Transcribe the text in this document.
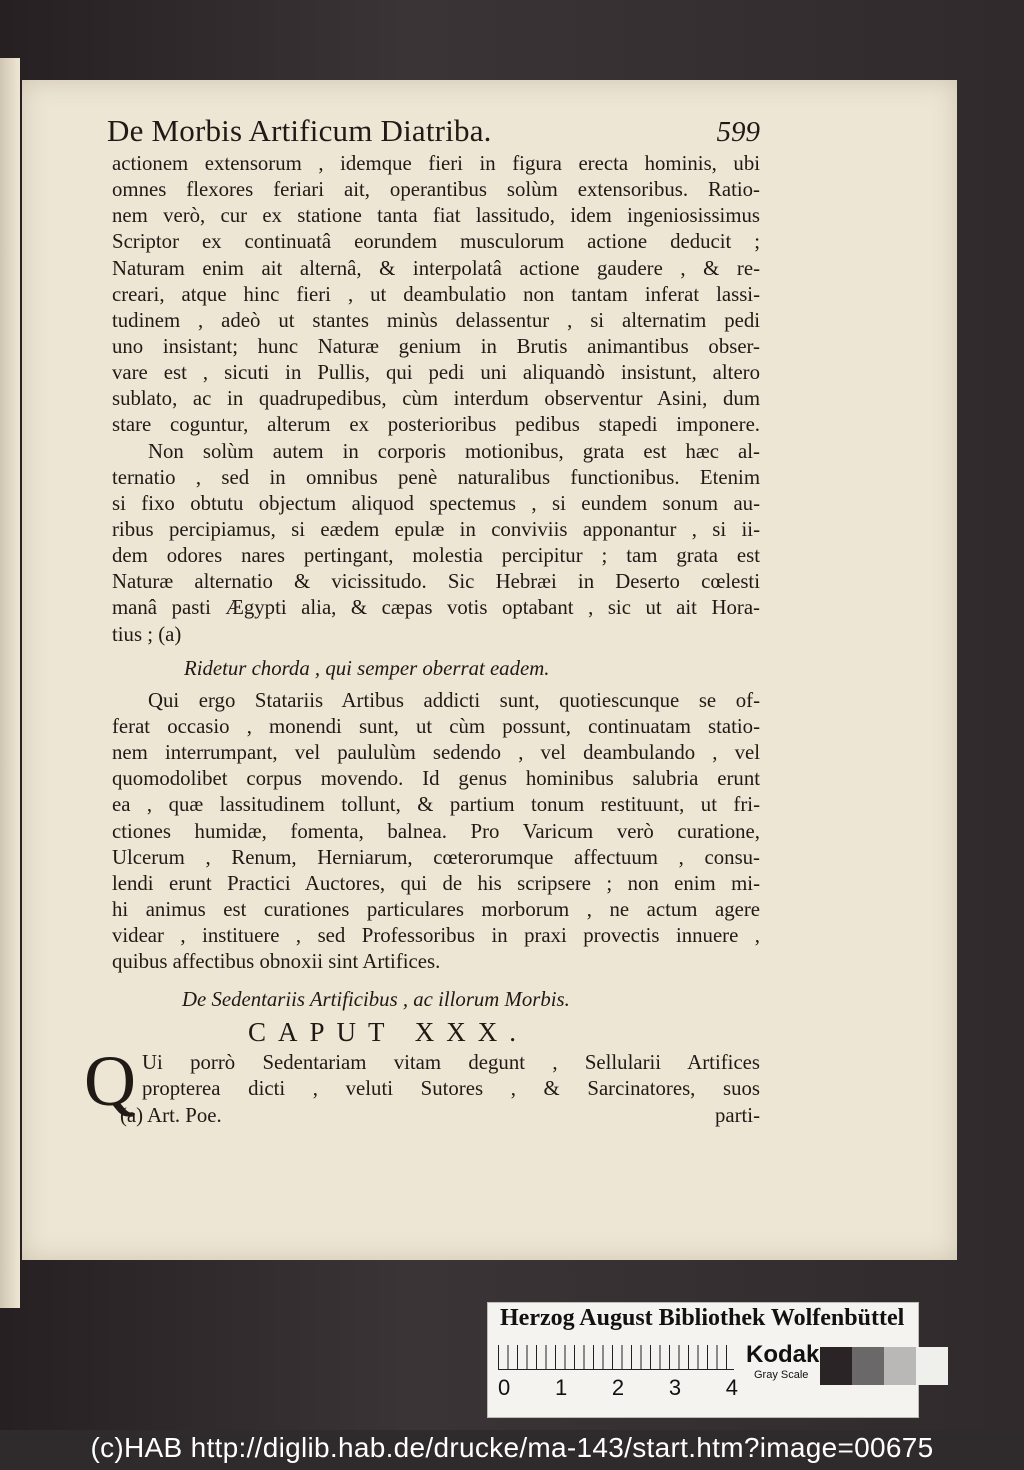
De Morbis Artificum Diatriba.	599
actionem extensorum , idemque fieri in figura erecta hominis, ubi
omnes flexores feriari ait, operantibus solùm extensoribus. Ratio-
nem verò, cur ex statione tanta fiat lassitudo, idem ingeniosissimus
Scriptor ex continuatâ eorundem musculorum actione deducit ;
Naturam enim ait alternâ, & interpolatâ actione gaudere , & re-
creari, atque hinc fieri , ut deambulatio non tantam inferat lassi-
tudinem , adeò ut stantes minùs delassentur , si alternatim pedi
uno insistant; hunc Naturæ genium in Brutis animantibus obser-
vare est , sicuti in Pullis, qui pedi uni aliquandò insistunt, altero
sublato, ac in quadrupedibus, cùm interdum observentur Asini, dum
stare coguntur, alterum ex posterioribus pedibus stapedi imponere.
Non solùm autem in corporis motionibus, grata est hæc al-
ternatio , sed in omnibus penè naturalibus functionibus. Etenim
si fixo obtutu objectum aliquod spectemus , si eundem sonum au-
ribus percipiamus, si eædem epulæ in conviviis apponantur , si ii-
dem odores nares pertingant, molestia percipitur ; tam grata est
Naturæ alternatio & vicissitudo. Sic Hebræi in Deserto cœlesti
manâ pasti Ægypti alia, & cæpas votis optabant , sic ut ait Hora-
tius ; (a)
Ridetur chorda , qui semper oberrat eadem.
Qui ergo Statariis Artibus addicti sunt, quotiescunque se of-
ferat occasio , monendi sunt, ut cùm possunt, continuatam statio-
nem interrumpant, vel paululùm sedendo , vel deambulando , vel
quomodolibet corpus movendo. Id genus hominibus salubria erunt
ea , quæ lassitudinem tollunt, & partium tonum restituunt, ut fri-
ctiones humidæ, fomenta, balnea. Pro Varicum verò curatione,
Ulcerum , Renum, Herniarum, cœterorumque affectuum , consu-
lendi erunt Practici Auctores, qui de his scripsere ; non enim mi-
hi animus est curationes particulares morborum , ne actum agere
videar , instituere , sed Professoribus in praxi provectis innuere ,
quibus affectibus obnoxii sint Artifices.
De Sedentariis Artificibus , ac illorum Morbis.
CAPUT XXX.
Q Ui porrò Sedentariam vitam degunt , Sellularii Artifices
propterea dicti , veluti Sutores , & Sarcinatores, suos
(a) Art. Poe.	parti-
Herzog August Bibliothek Wolfenbüttel
0 1 2 3 4
Kodak
Gray Scale
(c)HAB http://diglib.hab.de/drucke/ma-143/start.htm?image=00675
